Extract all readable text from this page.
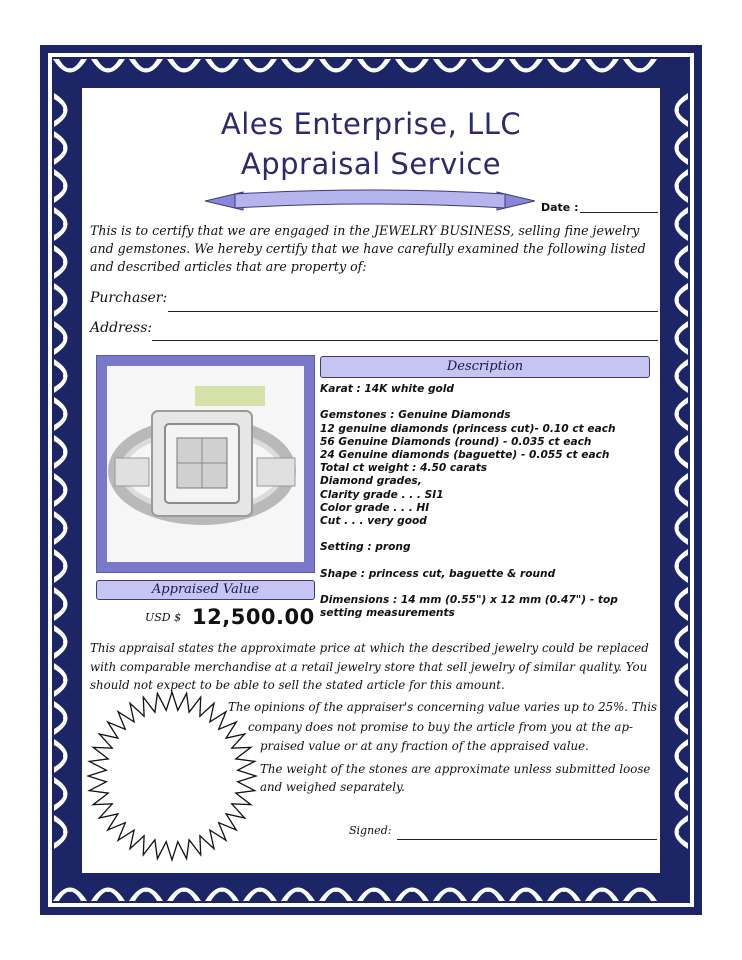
Ales Enterprise, LLC
Appraisal Service
Date :
This is to certify that we are engaged in the JEWELRY BUSINESS, selling fine jewelry and gemstones. We hereby certify that we have carefully examined the following listed and described articles that are property of:
Purchaser:
Address:
Description
Karat : 14K white gold

Gemstones : Genuine Diamonds
12 genuine diamonds (princess cut)- 0.10 ct each
56 Genuine Diamonds (round) - 0.035 ct each
24 Genuine diamonds (baguette) - 0.055 ct each
Total ct weight : 4.50 carats
Diamond grades,
Clarity grade . . . SI1
Color grade . . . HI
Cut . . . very good

Setting : prong

Shape : princess cut, baguette & round

Dimensions : 14 mm (0.55") x 12 mm (0.47") - top
setting measurements
Appraised Value
USD $ 12,500.00
This appraisal states the approximate price at which the described jewelry could be replaced with comparable merchandise at a retail jewelry store that sell jewelry of similar quality. You should not expect to be able to sell the stated article for this amount.
The opinions of the appraiser's concerning value varies up to 25%. This
company does not promise to buy the article from you at the ap-
praised value or at any fraction of the appraised value.
The weight of the stones are approximate unless submitted loose
and weighed separately.
Signed:
